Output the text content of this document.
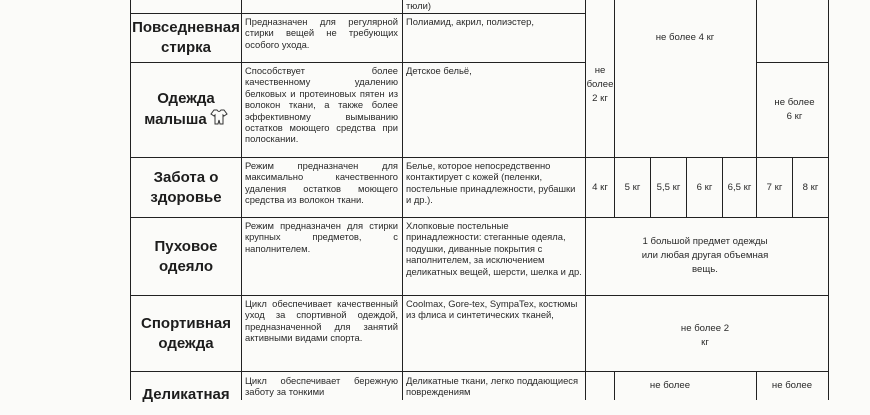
тюли)
Повседневная стирка
Предназначен для регулярной стирки вещей не требующих особого ухода.
Полиамид, акрил, полиэстер,
Одежда малыша
Способствует более качественному удалению белковых и протеиновых пятен из волокон ткани, а также более эффективному вымыванию остатков моющего средства при полоскании.
Детское бельё,
Забота о здоровье
Режим предназначен для максимально качественного удаления остатков моющего средства из волокон ткани.
Белье, которое непосредственно контактирует с кожей (пеленки, постельные принадлежности, рубашки и др.).
Пуховое одеяло
Режим предназначен для стирки крупных предметов, с наполнителем.
Хлопковые постельные принадлежности: стеганные одеяла, подушки, диванные покрытия с наполнителем, за исключением деликатных вещей, шерсти, шелка и др.
Спортивная одежда
Цикл обеспечивает качественный уход за спортивной одеждой, предназначенной для занятий активными видами спорта.
Coolmax, Gore-tex, SympaTex, костюмы из флиса и синтетических тканей,
Деликатная
Цикл обеспечивает бережную заботу за тонкими
Деликатные ткани, легко поддающиеся повреждениям
не более 2 кг
не более 4 кг
не более 6 кг
4 кг 5 кг 5,5 кг 6 кг 6,5 кг 7 кг 8 кг
1 большой предмет одежды или любая другая объемная вещь.
не более 2 кг
не более	не более
